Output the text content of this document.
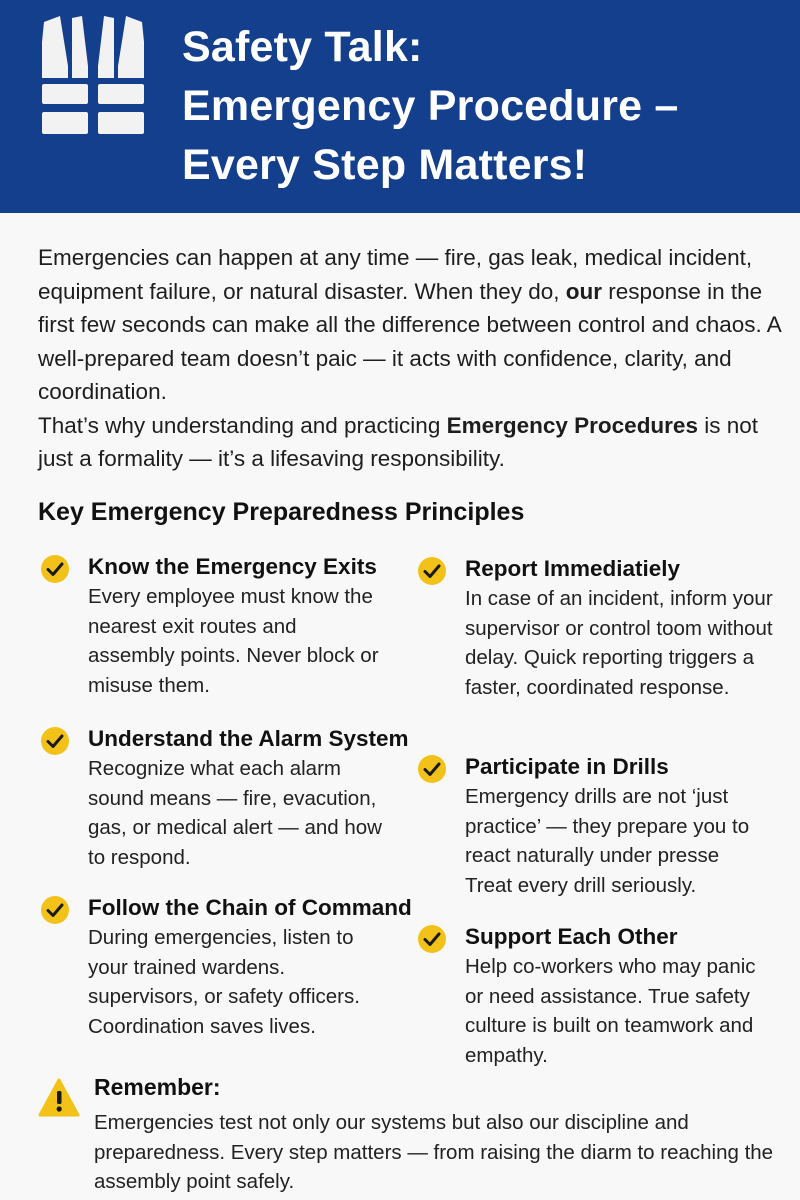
Safety Talk:
Emergency Procedure –
Every Step Matters!

Emergencies can happen at any time — fire, gas leak, medical incident, equipment failure, or natural disaster. When they do, our response in the first few seconds can make all the difference between control and chaos. A well-prepared team doesn’t paic — it acts with confidence, clarity, and coordination.

That’s why understanding and practicing Emergency Procedures is not just a formality — it’s a lifesaving responsibility.

Key Emergency Preparedness Principles
Know the Emergency Exits
Every employee must know the nearest exit routes and assembly points. Never block or misuse them.
Understand the Alarm System
Recognize what each alarm sound means — fire, evacution, gas, or medical alert — and how to respond.
Follow the Chain of Command
During emergencies, listen to your trained wardens. supervisors, or safety officers. Coordination saves lives.
Report Immediatiely
In case of an incident, inform your supervisor or control toom without delay. Quick reporting triggers a faster, coordinated response.
Participate in Drills
Emergency drills are not ‘just practice’ — they prepare you to react naturally under presse Treat every drill seriously.
Support Each Other
Help co-workers who may panic or need assistance. True safety culture is built on teamwork and empathy.
Remember:
Emergencies test not only our systems but also our discipline and preparedness. Every step matters — from raising the diarm to reaching the assembly point safely.
